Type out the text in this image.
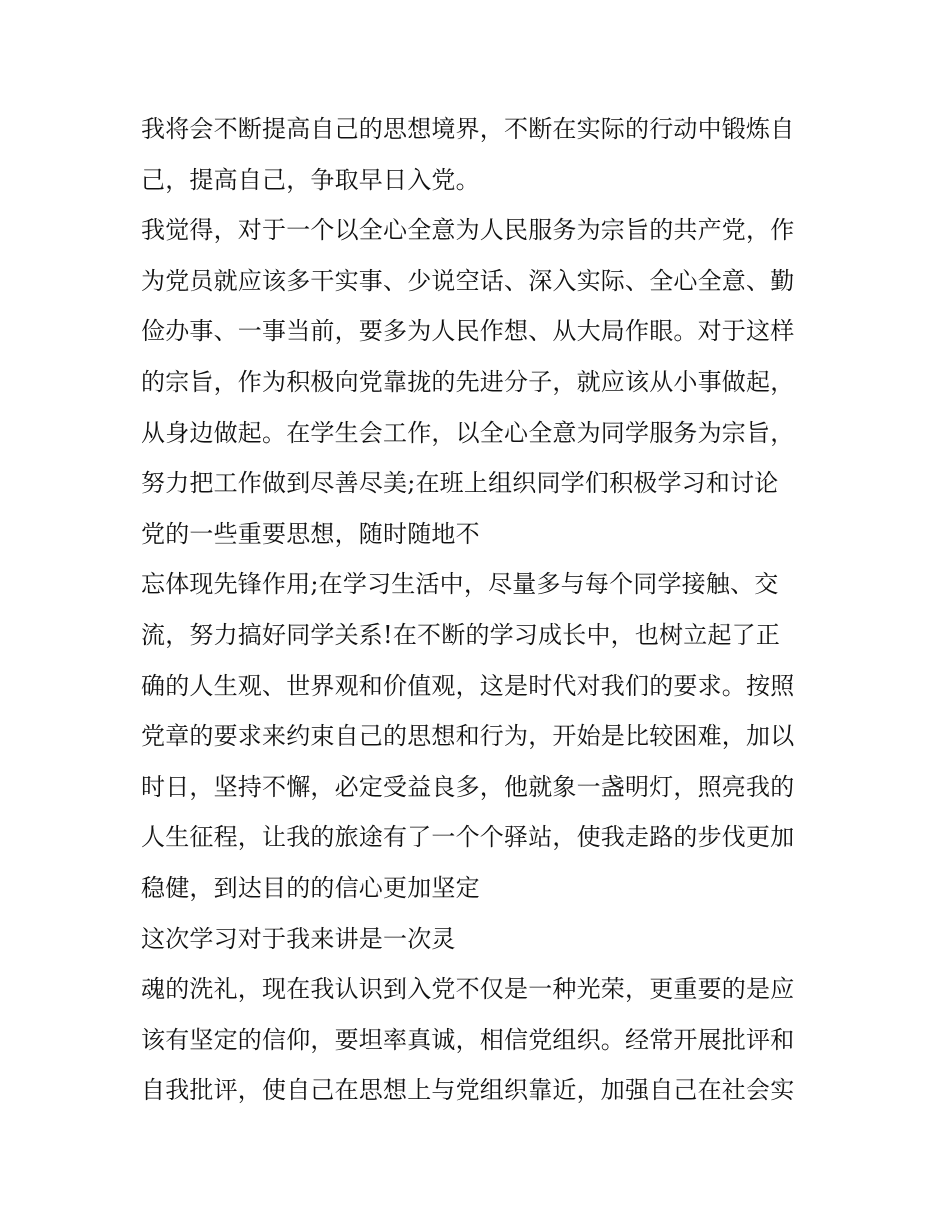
我将会不断提高自己的思想境界，不断在实际的行动中锻炼自
己，提高自己，争取早日入党。
我觉得，对于一个以全心全意为人民服务为宗旨的共产党，作
为党员就应该多干实事、少说空话、深入实际、全心全意、勤
俭办事、一事当前，要多为人民作想、从大局作眼。对于这样
的宗旨，作为积极向党靠拢的先进分子，就应该从小事做起，
从身边做起。在学生会工作，以全心全意为同学服务为宗旨，
努力把工作做到尽善尽美;在班上组织同学们积极学习和讨论
党的一些重要思想，随时随地不
忘体现先锋作用;在学习生活中，尽量多与每个同学接触、交
流，努力搞好同学关系!在不断的学习成长中，也树立起了正
确的人生观、世界观和价值观，这是时代对我们的要求。按照
党章的要求来约束自己的思想和行为，开始是比较困难，加以
时日，坚持不懈，必定受益良多，他就象一盏明灯，照亮我的
人生征程，让我的旅途有了一个个驿站，使我走路的步伐更加
稳健，到达目的的信心更加坚定
这次学习对于我来讲是一次灵
魂的洗礼，现在我认识到入党不仅是一种光荣，更重要的是应
该有坚定的信仰，要坦率真诚，相信党组织。经常开展批评和
自我批评，使自己在思想上与党组织靠近，加强自己在社会实
